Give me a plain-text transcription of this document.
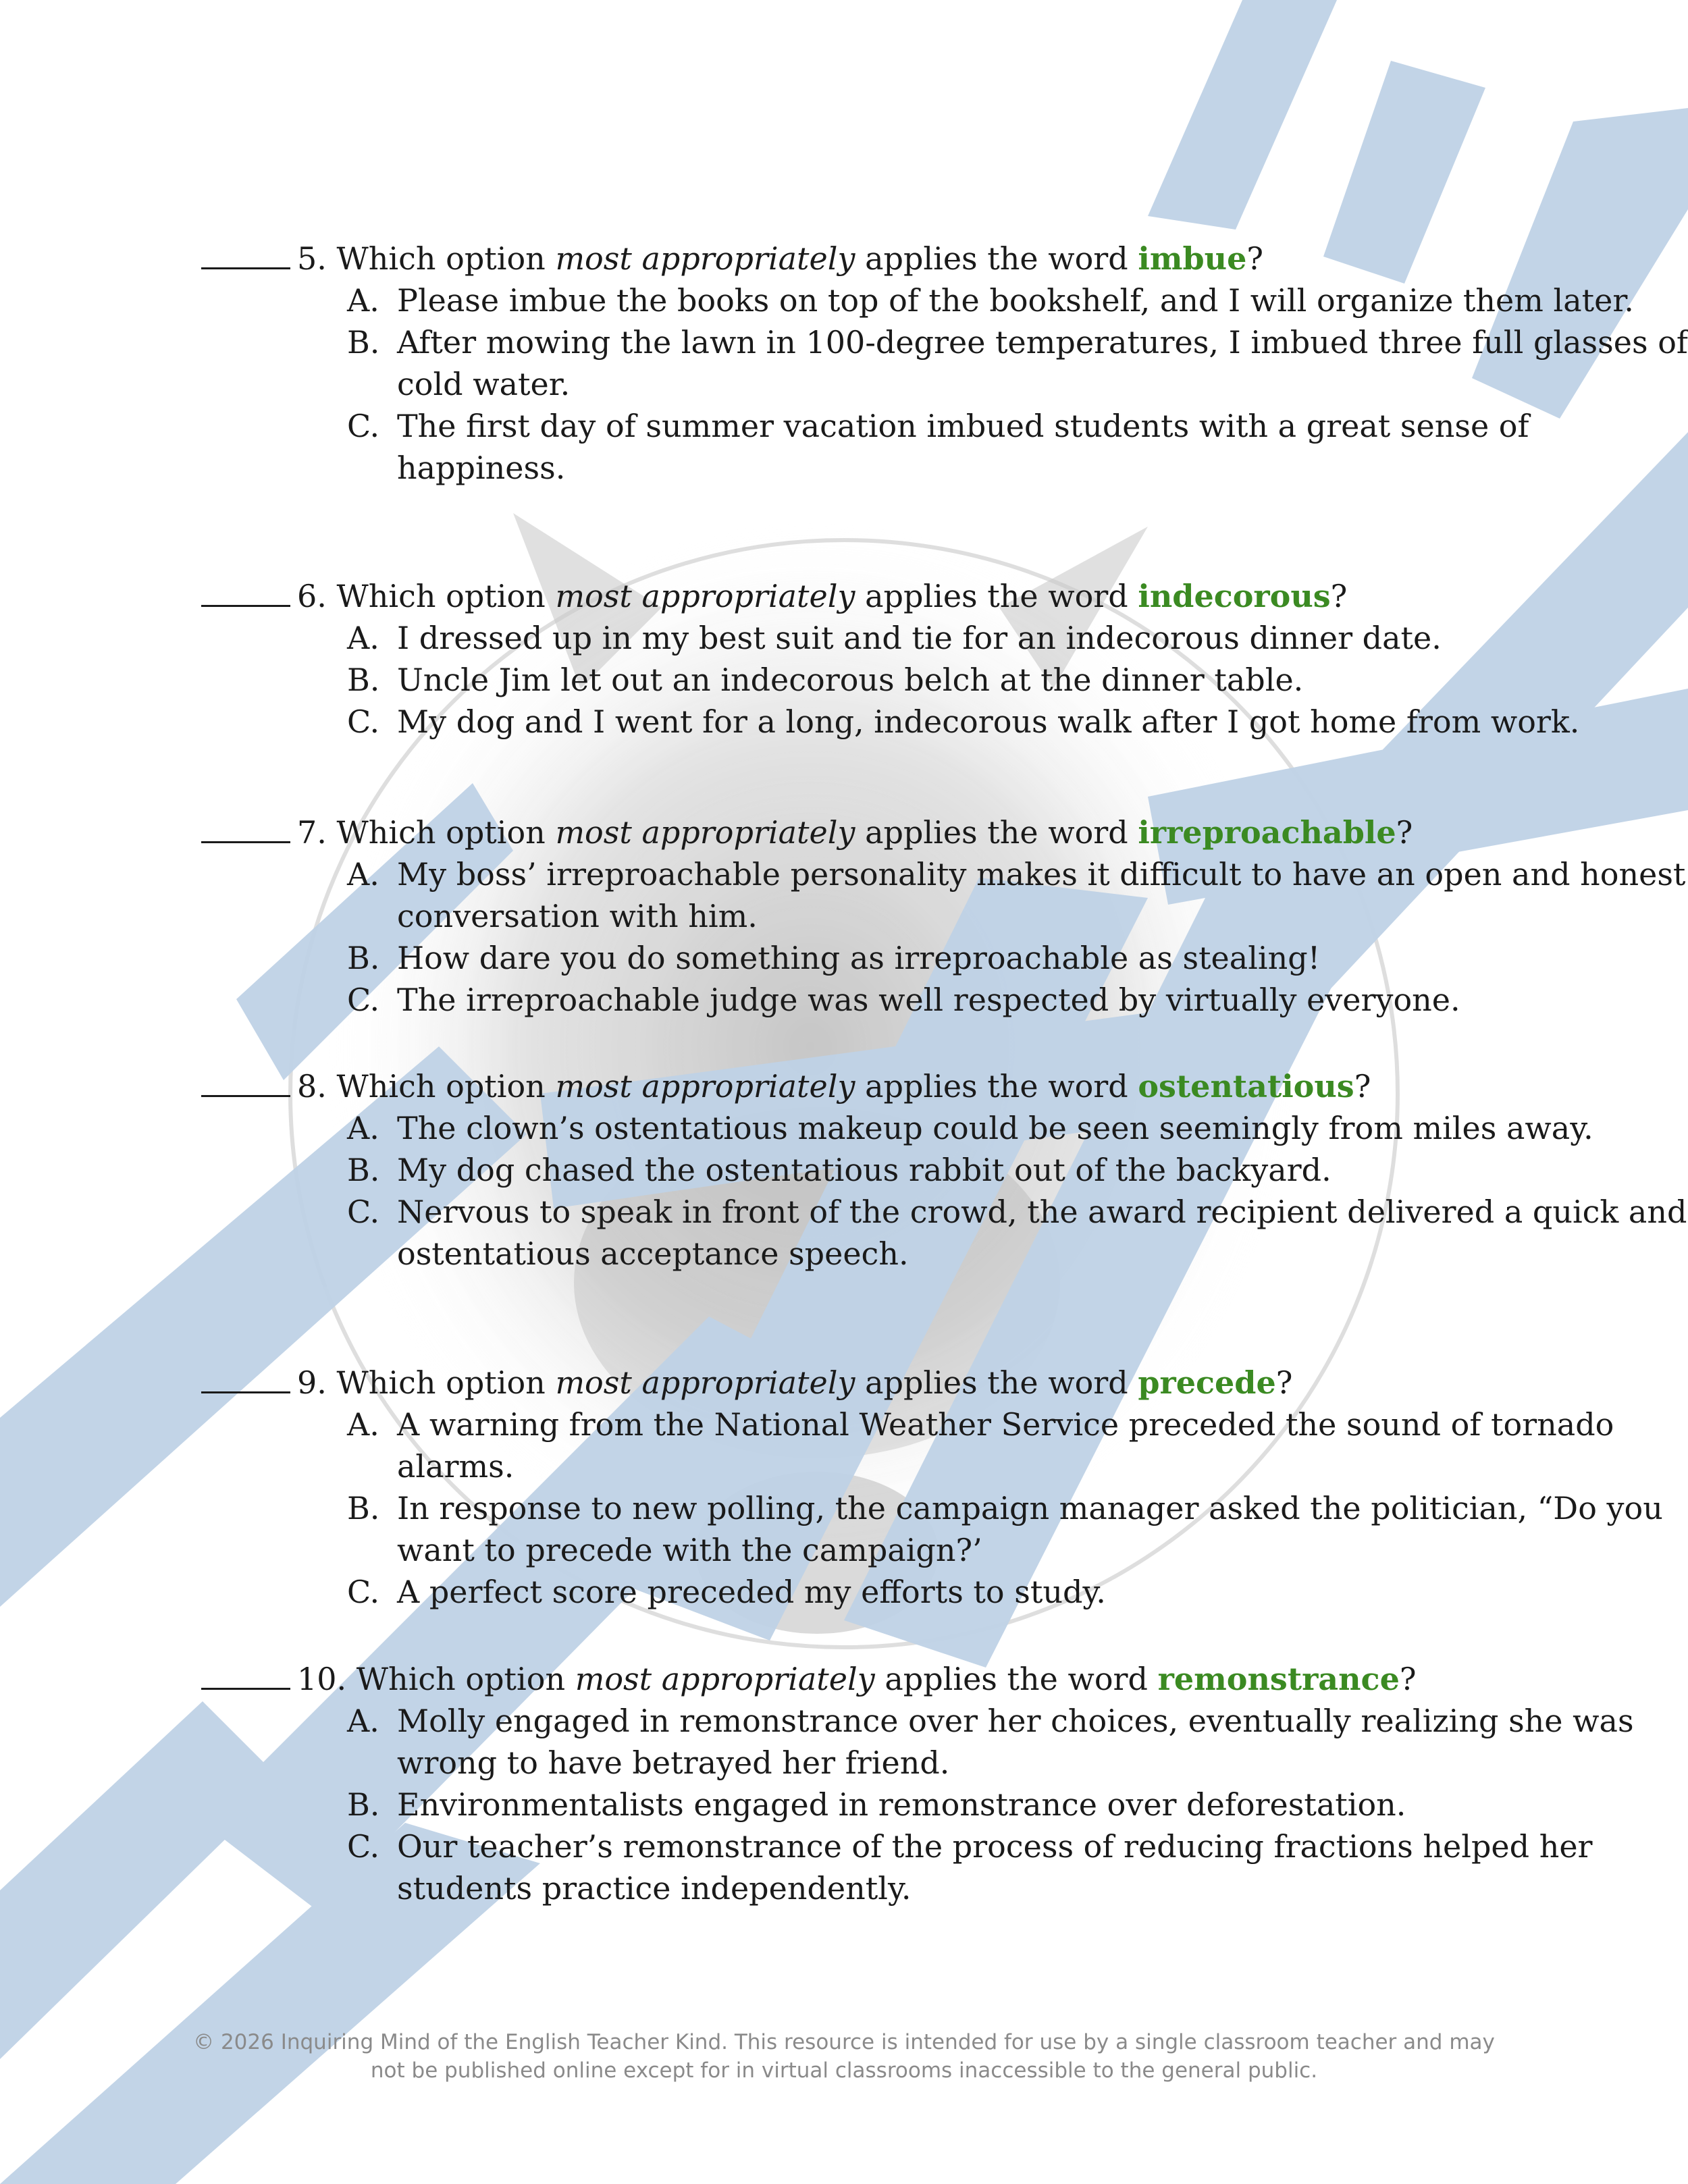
5. Which option most appropriately applies the word imbue?
A. Please imbue the books on top of the bookshelf, and I will organize them later.
B. After mowing the lawn in 100-degree temperatures, I imbued three full glasses of cold water.
C. The first day of summer vacation imbued students with a great sense of happiness.
6. Which option most appropriately applies the word indecorous?
A. I dressed up in my best suit and tie for an indecorous dinner date.
B. Uncle Jim let out an indecorous belch at the dinner table.
C. My dog and I went for a long, indecorous walk after I got home from work.
7. Which option most appropriately applies the word irreproachable?
A. My boss’ irreproachable personality makes it difficult to have an open and honest conversation with him.
B. How dare you do something as irreproachable as stealing!
C. The irreproachable judge was well respected by virtually everyone.
8. Which option most appropriately applies the word ostentatious?
A. The clown’s ostentatious makeup could be seen seemingly from miles away.
B. My dog chased the ostentatious rabbit out of the backyard.
C. Nervous to speak in front of the crowd, the award recipient delivered a quick and ostentatious acceptance speech.
9. Which option most appropriately applies the word precede?
A. A warning from the National Weather Service preceded the sound of tornado alarms.
B. In response to new polling, the campaign manager asked the politician, “Do you want to precede with the campaign?’
C. A perfect score preceded my efforts to study.
10. Which option most appropriately applies the word remonstrance?
A. Molly engaged in remonstrance over her choices, eventually realizing she was wrong to have betrayed her friend.
B. Environmentalists engaged in remonstrance over deforestation.
C. Our teacher’s remonstrance of the process of reducing fractions helped her students practice independently.
© 2026 Inquiring Mind of the English Teacher Kind. This resource is intended for use by a single classroom teacher and may
not be published online except for in virtual classrooms inaccessible to the general public.
